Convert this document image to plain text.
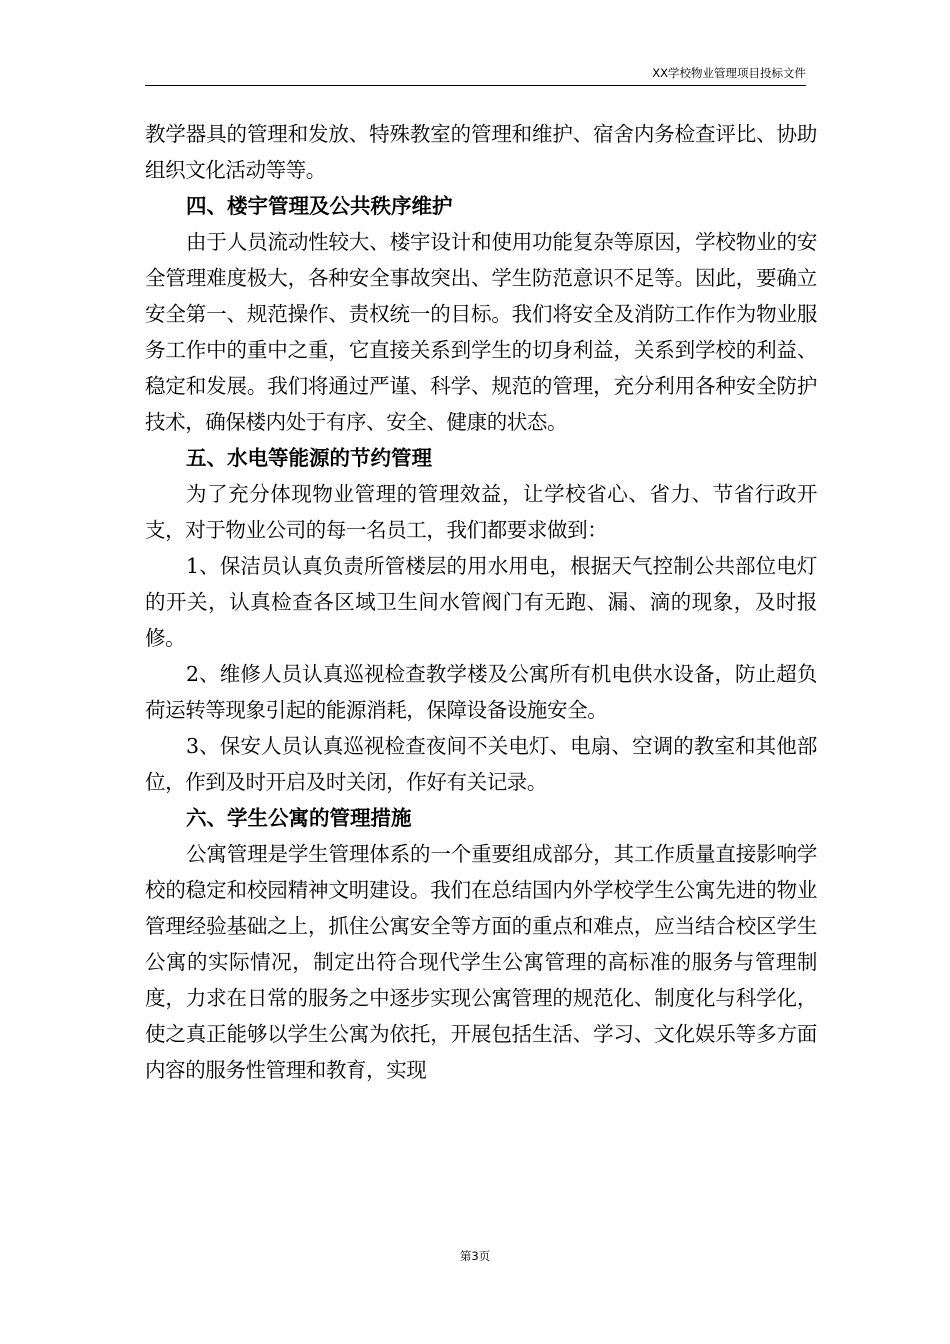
XX学校物业管理项目投标文件

教学器具的管理和发放、特殊教室的管理和维护、宿舍内务检查评比、协助组织文化活动等等。

四、楼宇管理及公共秩序维护

由于人员流动性较大、楼宇设计和使用功能复杂等原因，学校物业的安全管理难度极大，各种安全事故突出、学生防范意识不足等。因此，要确立安全第一、规范操作、责权统一的目标。我们将安全及消防工作作为物业服务工作中的重中之重，它直接关系到学生的切身利益，关系到学校的利益、稳定和发展。我们将通过严谨、科学、规范的管理，充分利用各种安全防护技术，确保楼内处于有序、安全、健康的状态。

五、水电等能源的节约管理

为了充分体现物业管理的管理效益，让学校省心、省力、节省行政开支，对于物业公司的每一名员工，我们都要求做到：

1、保洁员认真负责所管楼层的用水用电，根据天气控制公共部位电灯的开关，认真检查各区域卫生间水管阀门有无跑、漏、滴的现象，及时报修。

2、维修人员认真巡视检查教学楼及公寓所有机电供水设备，防止超负荷运转等现象引起的能源消耗，保障设备设施安全。

3、保安人员认真巡视检查夜间不关电灯、电扇、空调的教室和其他部位，作到及时开启及时关闭，作好有关记录。

六、学生公寓的管理措施

公寓管理是学生管理体系的一个重要组成部分，其工作质量直接影响学校的稳定和校园精神文明建设。我们在总结国内外学校学生公寓先进的物业管理经验基础之上，抓住公寓安全等方面的重点和难点，应当结合校区学生公寓的实际情况，制定出符合现代学生公寓管理的高标准的服务与管理制度，力求在日常的服务之中逐步实现公寓管理的规范化、制度化与科学化，使之真正能够以学生公寓为依托，开展包括生活、学习、文化娱乐等多方面内容的服务性管理和教育，实现

第3页
